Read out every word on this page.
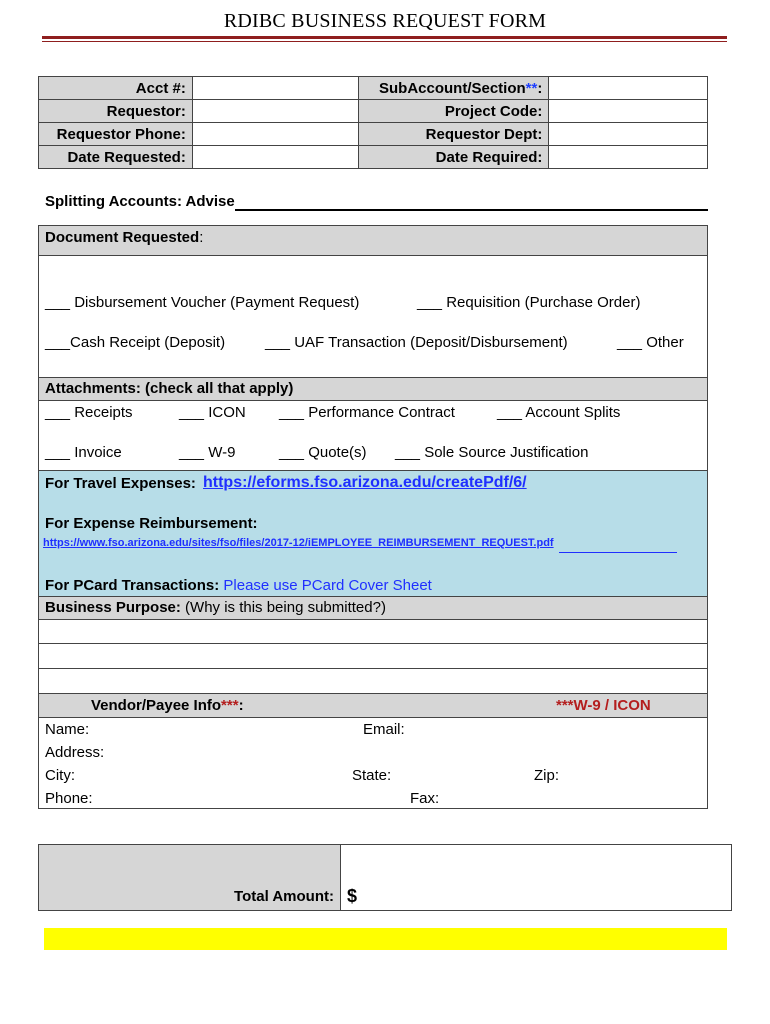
RDIBC BUSINESS REQUEST FORM
Acct #:		SubAccount/Section**:	
Requestor:		Project Code:	
Requestor Phone:		Requestor Dept:	
Date Requested:		Date Required:	
Splitting Accounts: Advise
Document Requested:
___ Disbursement Voucher (Payment Request)	___ Requisition (Purchase Order)
___Cash Receipt (Deposit)	___ UAF Transaction (Deposit/Disbursement)	___ Other
Attachments: (check all that apply)
___ Receipts	___ ICON ___ Performance Contract	___ Account Splits
___ Invoice	___ W-9	___ Quote(s) ___ Sole Source Justification
For Travel Expenses: https://eforms.fso.arizona.edu/createPdf/6/
For Expense Reimbursement:
https://www.fso.arizona.edu/sites/fso/files/2017-12/iEMPLOYEE_REIMBURSEMENT_REQUEST.pdf
For PCard Transactions: Please use PCard Cover Sheet
Business Purpose: (Why is this being submitted?)
Vendor/Payee Info***:	***W-9 / ICON
Name:	Email:
Address:
City:	State:	Zip:
Phone:	Fax:
Total Amount: $
